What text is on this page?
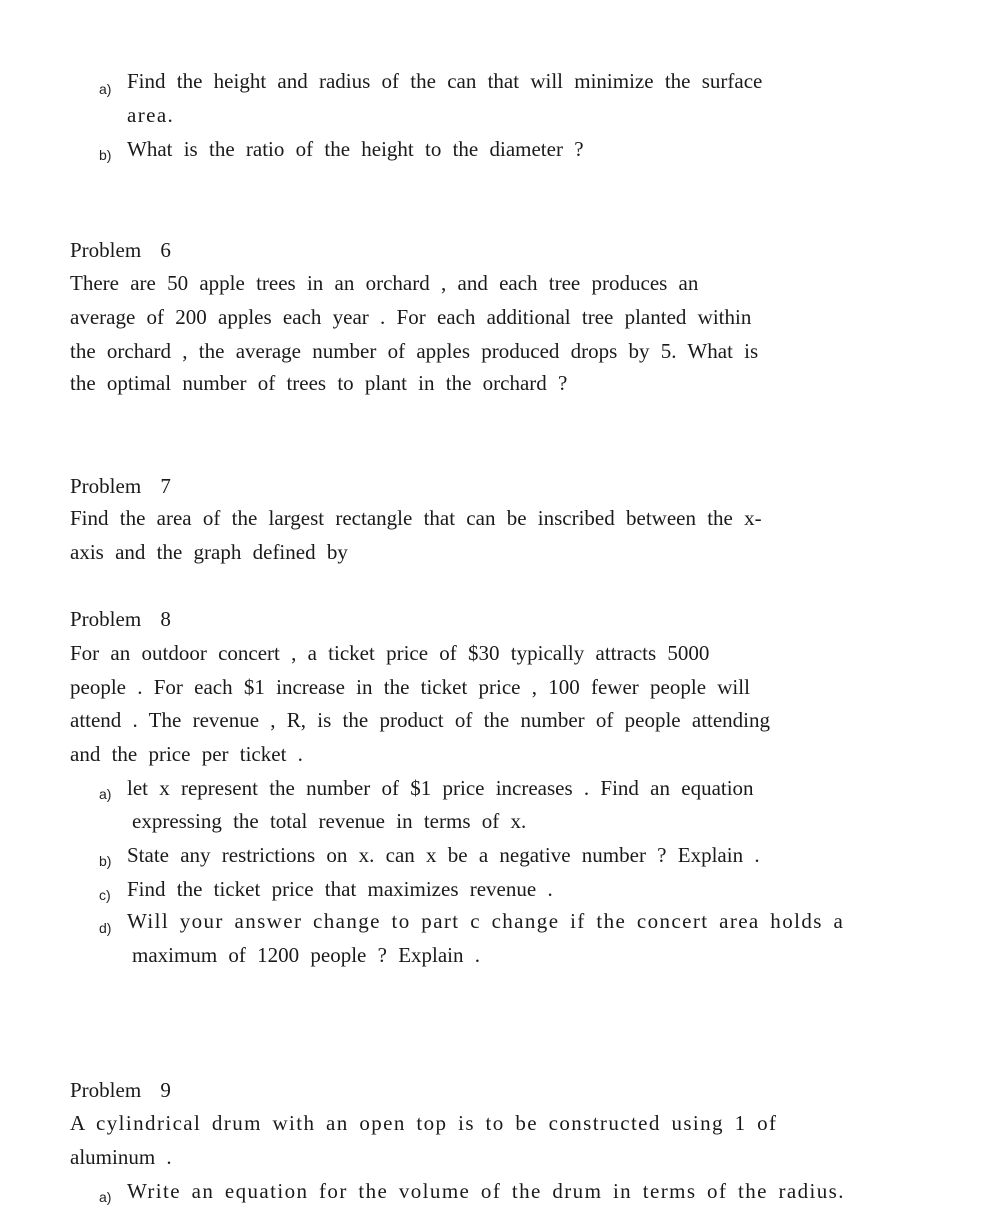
a) Find the height and radius of the can that will minimize the surface
area.
b) What is the ratio of the height to the diameter ?
Problem 6
There are 50 apple trees in an orchard , and each tree produces an
average of 200 apples each year . For each additional tree planted within
the orchard , the average number of apples produced drops by 5. What is
the optimal number of trees to plant in the orchard ?
Problem 7
Find the area of the largest rectangle that can be inscribed between the x-
axis and the graph defined by
Problem 8
For an outdoor concert , a ticket price of $30 typically attracts 5000
people . For each $1 increase in the ticket price , 100 fewer people will
attend . The revenue , R, is the product of the number of people attending
and the price per ticket .
a) let x represent the number of $1 price increases . Find an equation
expressing the total revenue in terms of x.
b) State any restrictions on x. can x be a negative number ? Explain .
c) Find the ticket price that maximizes revenue .
d) Will your answer change to part c change if the concert area holds a
maximum of 1200 people ? Explain .
Problem 9
A cylindrical drum with an open top is to be constructed using 1 of
aluminum .
a) Write an equation for the volume of the drum in terms of the radius.
